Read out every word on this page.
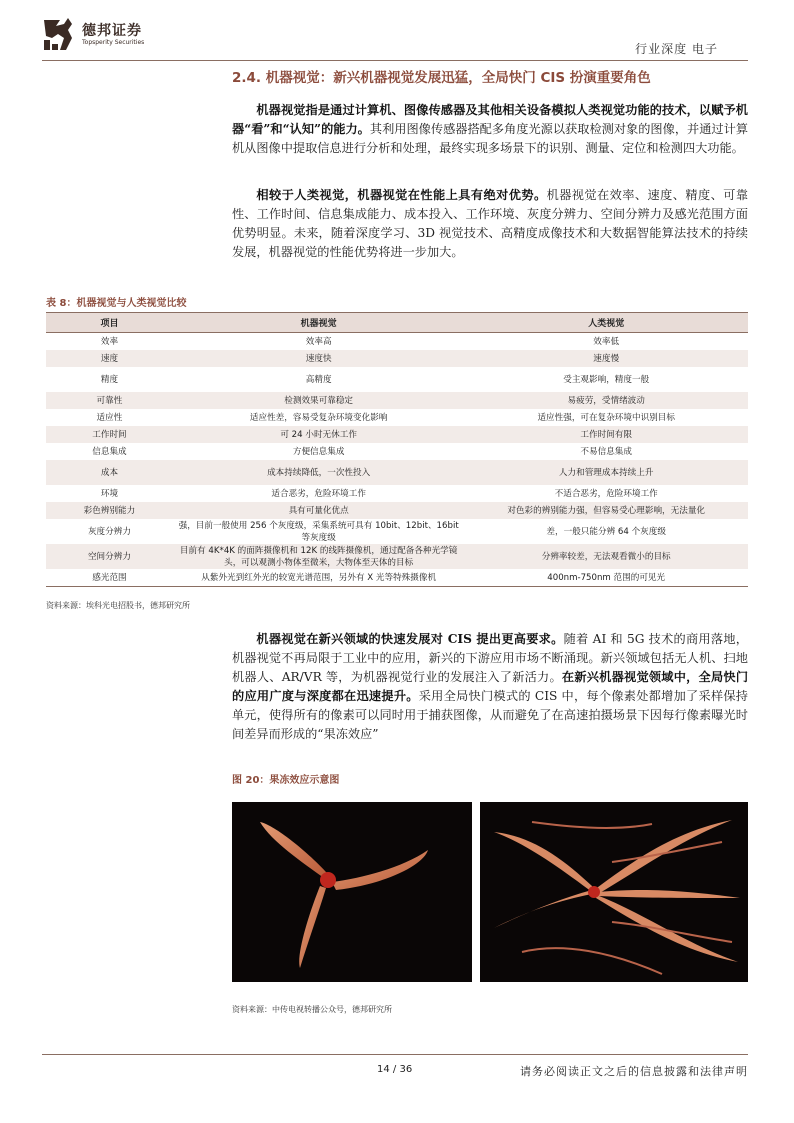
德邦证券
Topsperity Securities	行业深度 电子
2.4. 机器视觉：新兴机器视觉发展迅猛，全局快门 CIS 扮演重要角色

机器视觉指是通过计算机、图像传感器及其他相关设备模拟人类视觉功能的技术，以赋予机器“看”和“认知”的能力。其利用图像传感器搭配多角度光源以获取检测对象的图像，并通过计算机从图像中提取信息进行分析和处理，最终实现多场景下的识别、测量、定位和检测四大功能。

相较于人类视觉，机器视觉在性能上具有绝对优势。机器视觉在效率、速度、精度、可靠性、工作时间、信息集成能力、成本投入、工作环境、灰度分辨力、空间分辨力及感光范围方面优势明显。未来，随着深度学习、3D 视觉技术、高精度成像技术和大数据智能算法技术的持续发展，机器视觉的性能优势将进一步加大。

表 8：机器视觉与人类视觉比较
项目	机器视觉	人类视觉
效率	效率高	效率低
速度	速度快	速度慢
精度	高精度	受主观影响，精度一般
可靠性	检测效果可靠稳定	易疲劳，受情绪波动
适应性	适应性差，容易受复杂环境变化影响	适应性强，可在复杂环境中识别目标
工作时间	可 24 小时无休工作	工作时间有限
信息集成	方便信息集成	不易信息集成
成本	成本持续降低，一次性投入	人力和管理成本持续上升
环境	适合恶劣，危险环境工作	不适合恶劣，危险环境工作
彩色辨别能力	具有可量化优点	对色彩的辨别能力强，但容易受心理影响，无法量化
灰度分辨力	强，目前一般使用 256 个灰度级，采集系统可具有 10bit、12bit、16bit 等灰度级	差，一般只能分辨 64 个灰度级
空间分辨力	目前有 4K*4K 的面阵摄像机和 12K 的线阵摄像机，通过配备各种光学镜头，可以观测小物体至微米，大物体至天体的目标	分辨率较差，无法观看微小的目标
感光范围	从紫外光到红外光的较宽光谱范围，另外有 X 光等特殊摄像机	400nm-750nm 范围的可见光
资料来源：埃科光电招股书，德邦研究所

机器视觉在新兴领域的快速发展对 CIS 提出更高要求。随着 AI 和 5G 技术的商用落地，机器视觉不再局限于工业中的应用，新兴的下游应用市场不断涌现。新兴领域包括无人机、扫地机器人、AR/VR 等，为机器视觉行业的发展注入了新活力。在新兴机器视觉领域中，全局快门的应用广度与深度都在迅速提升。采用全局快门模式的 CIS 中，每个像素处都增加了采样保持单元，使得所有的像素可以同时用于捕获图像，从而避免了在高速拍摄场景下因每行像素曝光时间差异而形成的“果冻效应”

图 20：果冻效应示意图
资料来源：中传电视转播公众号，德邦研究所
14 / 36	请务必阅读正文之后的信息披露和法律声明
